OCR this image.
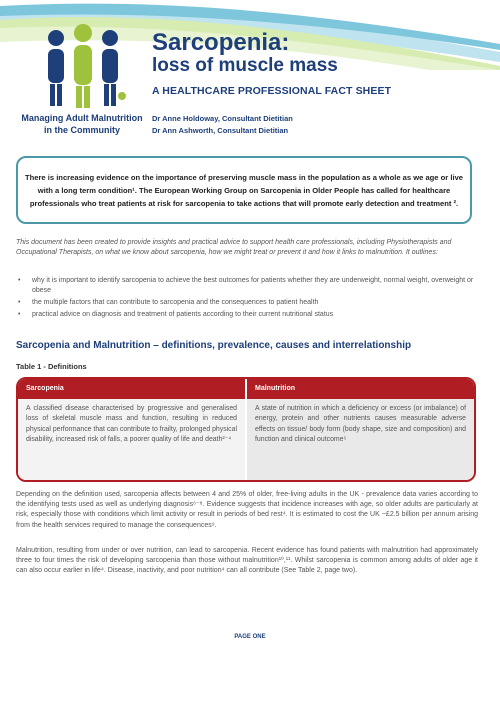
Managing Adult Malnutrition
in the Community
Sarcopenia:
loss of muscle mass
A HEALTHCARE PROFESSIONAL FACT SHEET
Dr Anne Holdoway, Consultant Dietitian
Dr Ann Ashworth, Consultant Dietitian
There is increasing evidence on the importance of preserving muscle mass in the population as a whole as we age or live with a long term condition¹. The European Working Group on Sarcopenia in Older People has called for healthcare professionals who treat patients at risk for sarcopenia to take actions that will promote early detection and treatment ².
This document has been created to provide insights and practical advice to support health care professionals, including Physiotherapists and Occupational Therapists, on what we know about sarcopenia, how we might treat or prevent it and how it links to malnutrition. It outlines:
• why it is important to identify sarcopenia to achieve the best outcomes for patients whether they are underweight, normal weight, overweight or obese
• the multiple factors that can contribute to sarcopenia and the consequences to patient health
• practical advice on diagnosis and treatment of patients according to their current nutritional status
Sarcopenia and Malnutrition – definitions, prevalence, causes and interrelationship
Table 1 - Definitions
Sarcopenia
A classified disease characterised by progressive and generalised loss of skeletal muscle mass and function, resulting in reduced physical performance that can contribute to frailty, prolonged physical disability, increased risk of falls, a poorer quality of life and death²⁻⁴
Malnutrition
A state of nutrition in which a deficiency or excess (or imbalance) of energy, protein and other nutrients causes measurable adverse effects on tissue/ body form (body shape, size and composition) and function and clinical outcome⁵
Depending on the definition used, sarcopenia affects between 4 and 25% of older, free-living adults in the UK - prevalence data varies according to the identifying tests used as well as underlying diagnosis⁶⁻⁸. Evidence suggests that incidence increases with age, so older adults are particularly at risk, especially those with conditions which limit activity or result in periods of bed rest⁴. It is estimated to cost the UK ~£2.5 billion per annum arising from the health services required to manage the consequences⁹.
Malnutrition, resulting from under or over nutrition, can lead to sarcopenia. Recent evidence has found patients with malnutrition had approximately three to four times the risk of developing sarcopenia than those without malnutrition¹⁰,¹¹. Whilst sarcopenia is common among adults of older age it can also occur earlier in life⁴. Disease, inactivity, and poor nutrition⁴ can all contribute (See Table 2, page two).
PAGE ONE
